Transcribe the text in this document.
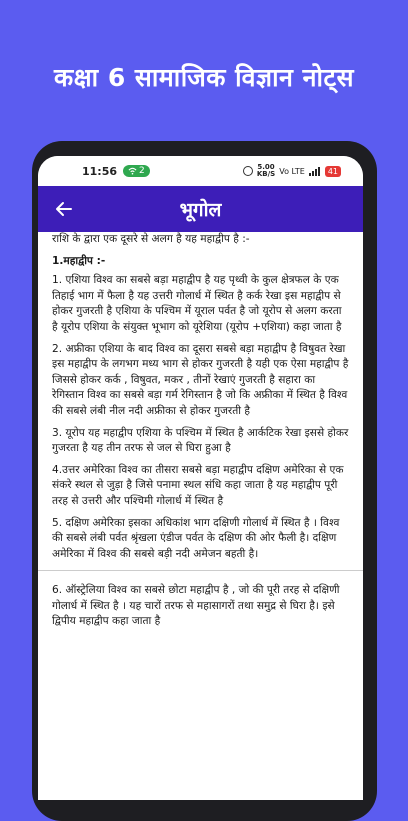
कक्षा 6 सामाजिक विज्ञान नोट्स
11:56 2	5.00
KB/S Vo LTE	41
भूगोल

राशि के द्वारा एक दूसरे से अलग है यह महाद्वीप है :-

1.महाद्वीप :-

1. एशिया विश्व का सबसे बड़ा महाद्वीप है यह पृथ्वी के कुल क्षेत्रफल के एक तिहाई भाग में फैला है यह उत्तरी गोलार्ध में स्थित है कर्क रेखा इस महाद्वीप से होकर गुजरती है एशिया के पश्चिम में यूराल पर्वत है जो यूरोप से अलग करता है यूरोप एशिया के संयुक्त भूभाग को यूरेशिया (यूरोप +एशिया) कहा जाता है

2. अफ्रीका एशिया के बाद विश्व का दूसरा सबसे बड़ा महाद्वीप है विषुवत रेखा इस महाद्वीप के लगभग मध्य भाग से होकर गुजरती है यही एक ऐसा महाद्वीप है जिससे होकर कर्क , विषुवत, मकर , तीनों रेखाएं गुजरती है सहारा का रेगिस्तान विश्व का सबसे बड़ा गर्म रेगिस्तान है जो कि अफ्रीका में स्थित है विश्व की सबसे लंबी नील नदी अफ्रीका से होकर गुजरती है

3. यूरोप यह महाद्वीप एशिया के पश्चिम में स्थित है आर्कटिक रेखा इससे होकर गुजरता है यह तीन तरफ से जल से घिरा हुआ है

4.उत्तर अमेरिका विश्व का तीसरा सबसे बड़ा महाद्वीप दक्षिण अमेरिका से एक संकरे स्थल से जुड़ा है जिसे पनामा स्थल संधि कहा जाता है यह महाद्वीप पूरी तरह से उत्तरी और पश्चिमी गोलार्ध में स्थित है

5. दक्षिण अमेरिका इसका अधिकांश भाग दक्षिणी गोलार्ध में स्थित है । विश्व की सबसे लंबी पर्वत श्रृंखला एंडीज पर्वत के दक्षिण की ओर फैली है। दक्षिण अमेरिका में विश्व की सबसे बड़ी नदी अमेजन बहती है।

6. ऑस्ट्रेलिया विश्व का सबसे छोटा महाद्वीप है , जो की पूरी तरह से दक्षिणी गोलार्ध में स्थित है । यह चारों तरफ से महासागरों तथा समुद्र से घिरा है। इसे द्विपीय महाद्वीप कहा जाता है
